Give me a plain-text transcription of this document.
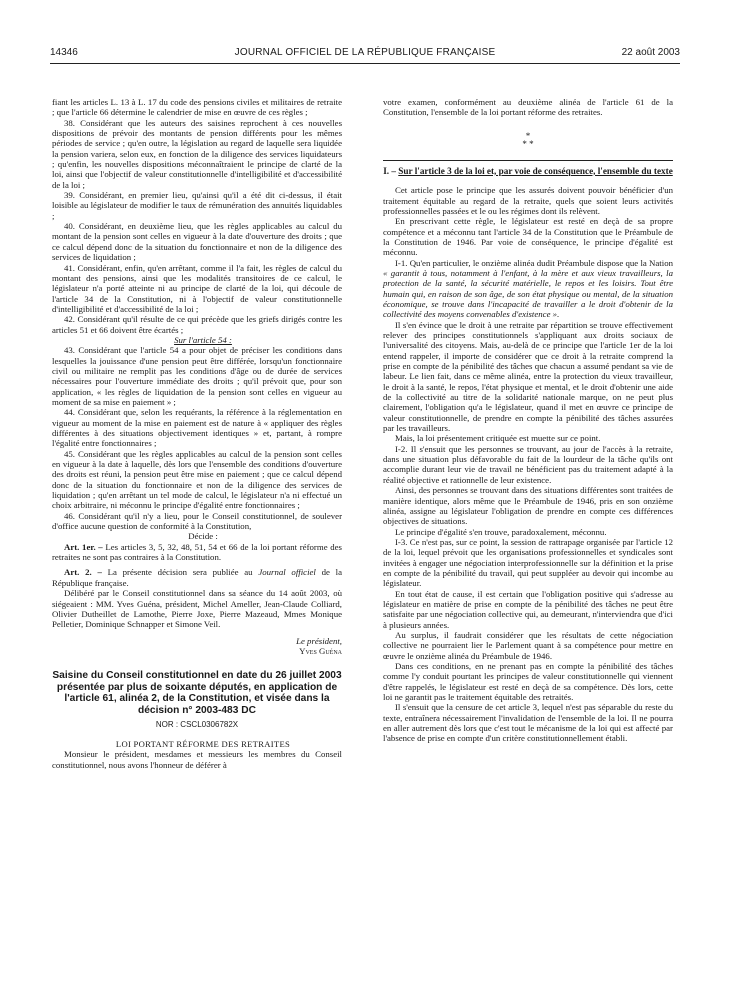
14346	JOURNAL OFFICIEL DE LA RÉPUBLIQUE FRANÇAISE	22 août 2003

fiant les articles L. 13 à L. 17 du code des pensions civiles et militaires de retraite ; que l'article 66 détermine le calendrier de mise en œuvre de ces règles ;

38. Considérant que les auteurs des saisines reprochent à ces nouvelles dispositions de prévoir des montants de pension différents pour les mêmes périodes de service ; qu'en outre, la législation au regard de laquelle sera liquidée la pension variera, selon eux, en fonction de la diligence des services liquidateurs ; qu'enfin, les nouvelles dispositions méconnaîtraient le principe de clarté de la loi, ainsi que l'objectif de valeur constitutionnelle d'intelligibilité et d'accessibilité de la loi ;

39. Considérant, en premier lieu, qu'ainsi qu'il a été dit ci-dessus, il était loisible au législateur de modifier le taux de rémunération des annuités liquidables ;

40. Considérant, en deuxième lieu, que les règles applicables au calcul du montant de la pension sont celles en vigueur à la date d'ouverture des droits ; que ce calcul dépend donc de la situation du fonctionnaire et non de la diligence des services de liquidation ;

41. Considérant, enfin, qu'en arrêtant, comme il l'a fait, les règles de calcul du montant des pensions, ainsi que les modalités transitoires de ce calcul, le législateur n'a porté atteinte ni au principe de clarté de la loi, qui découle de l'article 34 de la Constitution, ni à l'objectif de valeur constitutionnelle d'intelligibilité et d'accessibilité de la loi ;

42. Considérant qu'il résulte de ce qui précède que les griefs dirigés contre les articles 51 et 66 doivent être écartés ;

Sur l'article 54 :

43. Considérant que l'article 54 a pour objet de préciser les conditions dans lesquelles la jouissance d'une pension peut être différée, lorsqu'un fonctionnaire civil ou militaire ne remplit pas les conditions d'âge ou de durée de services nécessaires pour l'ouverture immédiate des droits ; qu'il prévoit que, pour son application, « les règles de liquidation de la pension sont celles en vigueur au moment de sa mise en paiement » ;

44. Considérant que, selon les requérants, la référence à la réglementation en vigueur au moment de la mise en paiement est de nature à « appliquer des règles différentes à des situations objectivement identiques » et, partant, à rompre l'égalité entre fonctionnaires ;

45. Considérant que les règles applicables au calcul de la pension sont celles en vigueur à la date à laquelle, dès lors que l'ensemble des conditions d'ouverture des droits est réuni, la pension peut être mise en paiement ; que ce calcul dépend donc de la situation du fonctionnaire et non de la diligence des services de liquidation ; qu'en arrêtant un tel mode de calcul, le législateur n'a ni effectué un choix arbitraire, ni méconnu le principe d'égalité entre fonctionnaires ;

46. Considérant qu'il n'y a lieu, pour le Conseil constitutionnel, de soulever d'office aucune question de conformité à la Constitution,

Décide :

Art. 1er. – Les articles 3, 5, 32, 48, 51, 54 et 66 de la loi portant réforme des retraites ne sont pas contraires à la Constitution.

Art. 2. – La présente décision sera publiée au Journal officiel de la République française.

Délibéré par le Conseil constitutionnel dans sa séance du 14 août 2003, où siégeaient : MM. Yves Guéna, président, Michel Ameller, Jean-Claude Colliard, Olivier Dutheillet de Lamothe, Pierre Joxe, Pierre Mazeaud, Mmes Monique Pelletier, Dominique Schnapper et Simone Veil.

Le président,
Yves Guéna
Saisine du Conseil constitutionnel en date du 26 juillet 2003 présentée par plus de soixante députés, en application de l'article 61, alinéa 2, de la Constitution, et visée dans la décision n° 2003-483 DC
NOR : CSCL0306782X

LOI PORTANT RÉFORME DES RETRAITES

Monsieur le président, mesdames et messieurs les membres du Conseil constitutionnel, nous avons l'honneur de déférer à

votre examen, conformément au deuxième alinéa de l'article 61 de la Constitution, l'ensemble de la loi portant réforme des retraites.

*
* *
I. – Sur l'article 3 de la loi et, par voie de conséquence, l'ensemble du texte

Cet article pose le principe que les assurés doivent pouvoir bénéficier d'un traitement équitable au regard de la retraite, quels que soient leurs activités professionnelles passées et le ou les régimes dont ils relèvent.

En prescrivant cette règle, le législateur est resté en deçà de sa propre compétence et a méconnu tant l'article 34 de la Constitution que le Préambule de la Constitution de 1946. Par voie de conséquence, le principe d'égalité est méconnu.

I-1. Qu'en particulier, le onzième alinéa dudit Préambule dispose que la Nation « garantit à tous, notamment à l'enfant, à la mère et aux vieux travailleurs, la protection de la santé, la sécurité matérielle, le repos et les loisirs. Tout être humain qui, en raison de son âge, de son état physique ou mental, de la situation économique, se trouve dans l'incapacité de travailler a le droit d'obtenir de la collectivité des moyens convenables d'existence ».

Il s'en évince que le droit à une retraite par répartition se trouve effectivement relever des principes constitutionnels s'appliquant aux droits sociaux de l'universalité des citoyens. Mais, au-delà de ce principe que l'article 1er de la loi entend rappeler, il importe de considérer que ce droit à la retraite comprend la prise en compte de la pénibilité des tâches que chacun a assumé pendant sa vie de labeur. Le lien fait, dans ce même alinéa, entre la protection du vieux travailleur, le droit à la santé, le repos, l'état physique et mental, et le droit d'obtenir une aide de la collectivité au titre de la solidarité nationale marque, on ne peut plus clairement, l'obligation qu'a le législateur, quand il met en œuvre ce principe de valeur constitutionnelle, de prendre en compte la pénibilité des tâches assurées par les travailleurs.

Mais, la loi présentement critiquée est muette sur ce point.

I-2. Il s'ensuit que les personnes se trouvant, au jour de l'accès à la retraite, dans une situation plus défavorable du fait de la lourdeur de la tâche qu'ils ont accomplie durant leur vie de travail ne bénéficient pas du traitement adapté à la réalité objective et rationnelle de leur existence.

Ainsi, des personnes se trouvant dans des situations différentes sont traitées de manière identique, alors même que le Préambule de 1946, pris en son onzième alinéa, assigne au législateur l'obligation de prendre en compte ces différences objectives de situations.

Le principe d'égalité s'en trouve, paradoxalement, méconnu.

I-3. Ce n'est pas, sur ce point, la session de rattrapage organisée par l'article 12 de la loi, lequel prévoit que les organisations professionnelles et syndicales sont invitées à engager une négociation interprofessionnelle sur la définition et la prise en compte de la pénibilité du travail, qui peut suppléer au devoir qui incombe au législateur.

En tout état de cause, il est certain que l'obligation positive qui s'adresse au législateur en matière de prise en compte de la pénibilité des tâches ne peut être satisfaite par une négociation collective qui, au demeurant, n'interviendra que d'ici à plusieurs années.

Au surplus, il faudrait considérer que les résultats de cette négociation collective ne pourraient lier le Parlement quant à sa compétence pour mettre en œuvre le onzième alinéa du Préambule de 1946.

Dans ces conditions, en ne prenant pas en compte la pénibilité des tâches comme l'y conduit pourtant les principes de valeur constitutionnelle qui viennent d'être rappelés, le législateur est resté en deçà de sa compétence. Dès lors, cette loi ne garantit pas le traitement équitable des retraités.

Il s'ensuit que la censure de cet article 3, lequel n'est pas séparable du reste du texte, entraînera nécessairement l'invalidation de l'ensemble de la loi. Il ne pourra en aller autrement dès lors que c'est tout le mécanisme de la loi qui est affecté par l'absence de prise en compte d'un critère constitutionnellement établi.
